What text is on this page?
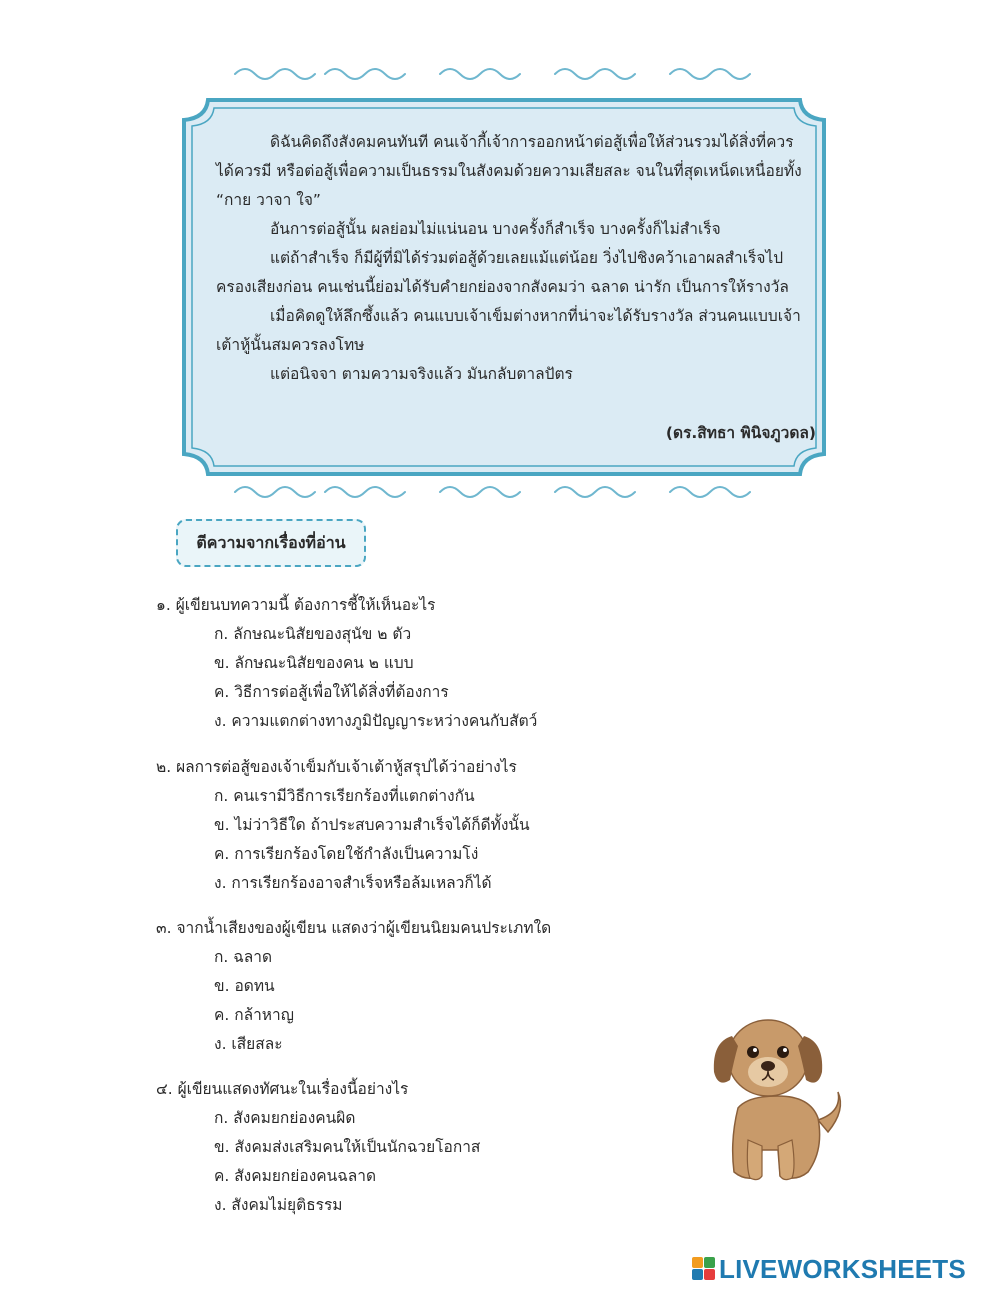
ดิฉันคิดถึงสังคมคนทันที คนเจ้ากี้เจ้าการออกหน้าต่อสู้เพื่อให้ส่วนรวมได้สิ่งที่ควร

ได้ควรมี หรือต่อสู้เพื่อความเป็นธรรมในสังคมด้วยความเสียสละ จนในที่สุดเหน็ดเหนื่อยทั้ง

“กาย วาจา ใจ”

อันการต่อสู้นั้น ผลย่อมไม่แน่นอน บางครั้งก็สำเร็จ บางครั้งก็ไม่สำเร็จ

แต่ถ้าสำเร็จ ก็มีผู้ที่มิได้ร่วมต่อสู้ด้วยเลยแม้แต่น้อย วิ่งไปชิงคว้าเอาผลสำเร็จไป

ครองเสียงก่อน คนเช่นนี้ย่อมได้รับคำยกย่องจากสังคมว่า ฉลาด น่ารัก เป็นการให้รางวัล

เมื่อคิดดูให้ลึกซึ้งแล้ว คนแบบเจ้าเข็มต่างหากที่น่าจะได้รับรางวัล ส่วนคนแบบเจ้า

เต้าหู้นั้นสมควรลงโทษ

แต่อนิจจา ตามความจริงแล้ว มันกลับตาลปัตร

(ดร.สิทธา พินิจภูวดล)
ตีความจากเรื่องที่อ่าน
๑. ผู้เขียนบทความนี้ ต้องการชี้ให้เห็นอะไร
ก. ลักษณะนิสัยของสุนัข ๒ ตัว
ข. ลักษณะนิสัยของคน ๒ แบบ
ค. วิธีการต่อสู้เพื่อให้ได้สิ่งที่ต้องการ
ง. ความแตกต่างทางภูมิปัญญาระหว่างคนกับสัตว์
๒. ผลการต่อสู้ของเจ้าเข็มกับเจ้าเต้าหู้สรุปได้ว่าอย่างไร
ก. คนเรามีวิธีการเรียกร้องที่แตกต่างกัน
ข. ไม่ว่าวิธีใด ถ้าประสบความสำเร็จได้ก็ดีทั้งนั้น
ค. การเรียกร้องโดยใช้กำลังเป็นความโง่
ง. การเรียกร้องอาจสำเร็จหรือล้มเหลวก็ได้
๓. จากน้ำเสียงของผู้เขียน แสดงว่าผู้เขียนนิยมคนประเภทใด
ก. ฉลาด
ข. อดทน
ค. กล้าหาญ
ง. เสียสละ
๔. ผู้เขียนแสดงทัศนะในเรื่องนี้อย่างไร
ก. สังคมยกย่องคนผิด
ข. สังคมส่งเสริมคนให้เป็นนักฉวยโอกาส
ค. สังคมยกย่องคนฉลาด
ง. สังคมไม่ยุติธรรม
LIVEWORKSHEETS
